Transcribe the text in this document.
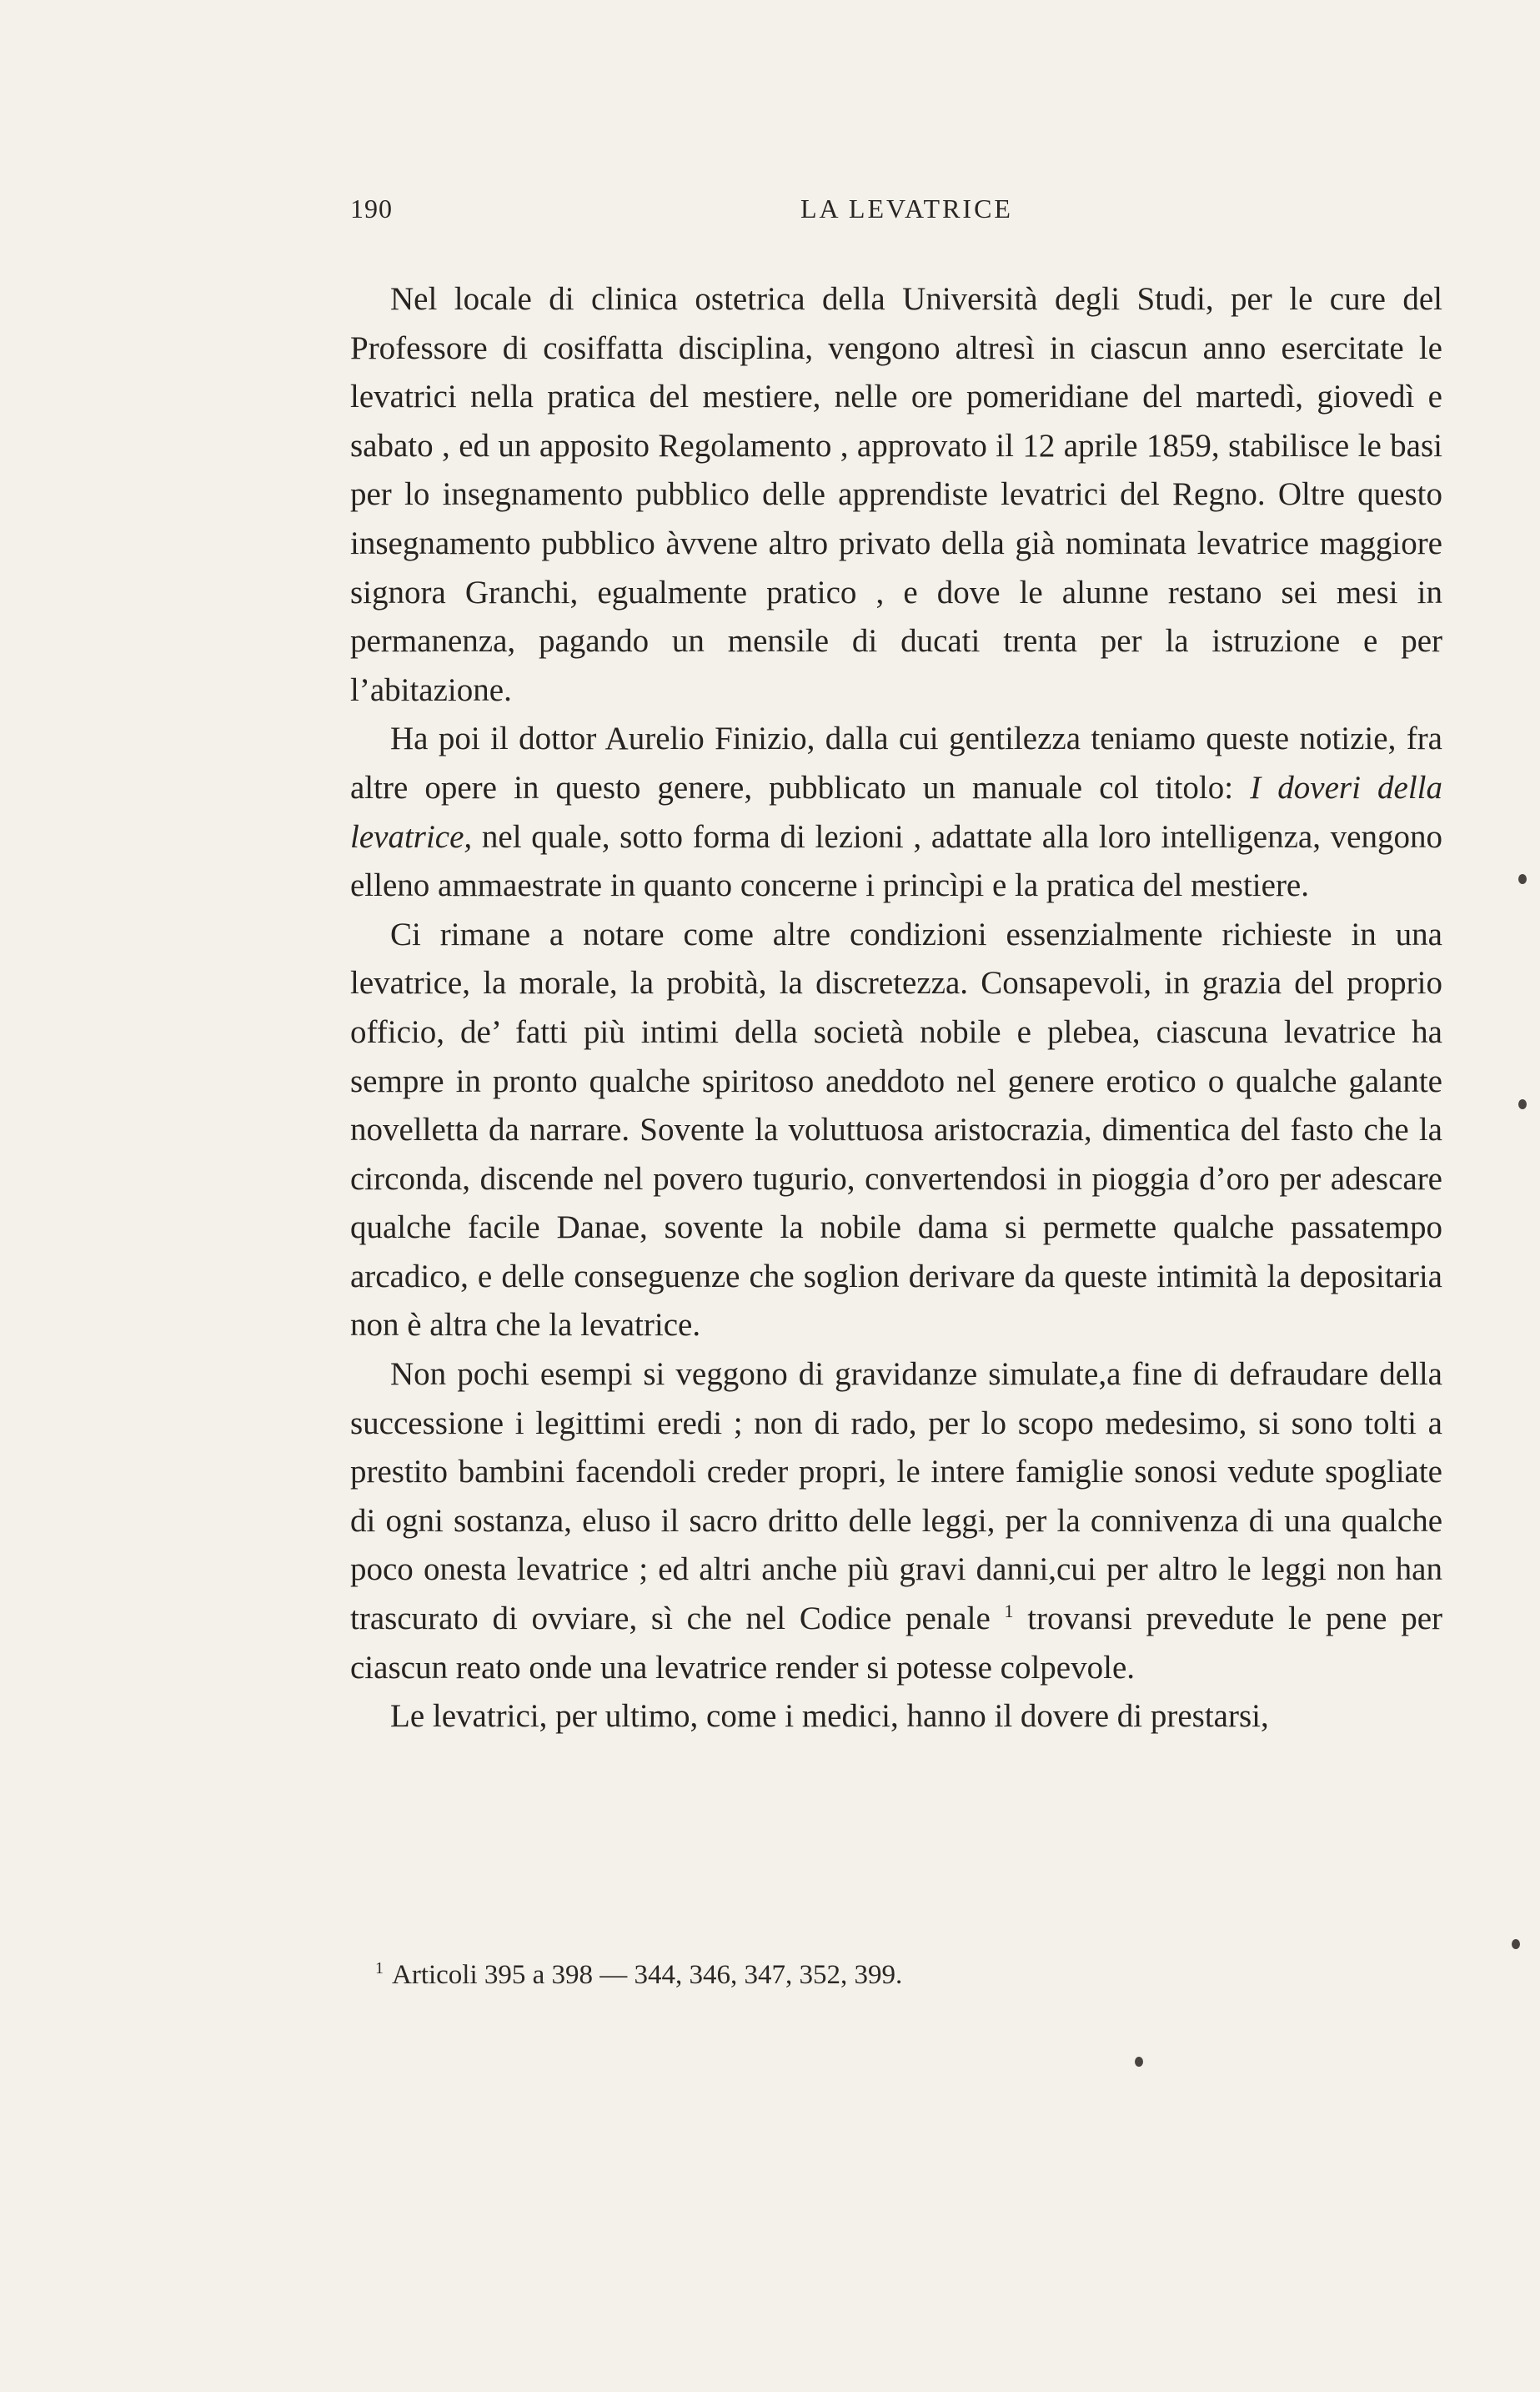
190	LA LEVATRICE

Nel locale di clinica ostetrica della Università degli Studi, per le cure del Professore di cosiffatta disciplina, vengono altresì in ciascun anno esercitate le levatrici nella pratica del mestiere, nelle ore pomeridiane del martedì, giovedì e sabato , ed un apposito Regolamento , approvato il 12 aprile 1859, stabilisce le basi per lo insegnamento pubblico delle apprendiste levatrici del Regno. Oltre questo insegnamento pubblico àvvene altro privato della già nominata levatrice maggiore signora Granchi, egualmente pratico , e dove le alunne restano sei mesi in permanenza, pagando un mensile di ducati trenta per la istruzione e per l’abitazione.

Ha poi il dottor Aurelio Finizio, dalla cui gentilezza teniamo queste notizie, fra altre opere in questo genere, pubblicato un manuale col titolo: I doveri della levatrice, nel quale, sotto forma di lezioni , adattate alla loro intelligenza, vengono elleno ammaestrate in quanto concerne i princìpi e la pratica del mestiere.

Ci rimane a notare come altre condizioni essenzialmente richieste in una levatrice, la morale, la probità, la discretezza. Consapevoli, in grazia del proprio officio, de’ fatti più intimi della società nobile e plebea, ciascuna levatrice ha sempre in pronto qualche spiritoso aneddoto nel genere erotico o qualche galante novelletta da narrare. Sovente la voluttuosa aristocrazia, dimentica del fasto che la circonda, discende nel povero tugurio, convertendosi in pioggia d’oro per adescare qualche facile Danae, sovente la nobile dama si permette qualche passatempo arcadico, e delle conseguenze che soglion derivare da queste intimità la depositaria non è altra che la levatrice.

Non pochi esempi si veggono di gravidanze simulate,a fine di defraudare della successione i legittimi eredi ; non di rado, per lo scopo medesimo, si sono tolti a prestito bambini facendoli creder propri, le intere famiglie sonosi vedute spogliate di ogni sostanza, eluso il sacro dritto delle leggi, per la connivenza di una qualche poco onesta levatrice ; ed altri anche più gravi danni,cui per altro le leggi non han trascurato di ovviare, sì che nel Codice penale $^1$ trovansi prevedute le pene per ciascun reato onde una levatrice render si potesse colpevole.

Le levatrici, per ultimo, come i medici, hanno il dovere di prestarsi,

$^1$ Articoli 395 a 398 — 344, 346, 347, 352, 399.
